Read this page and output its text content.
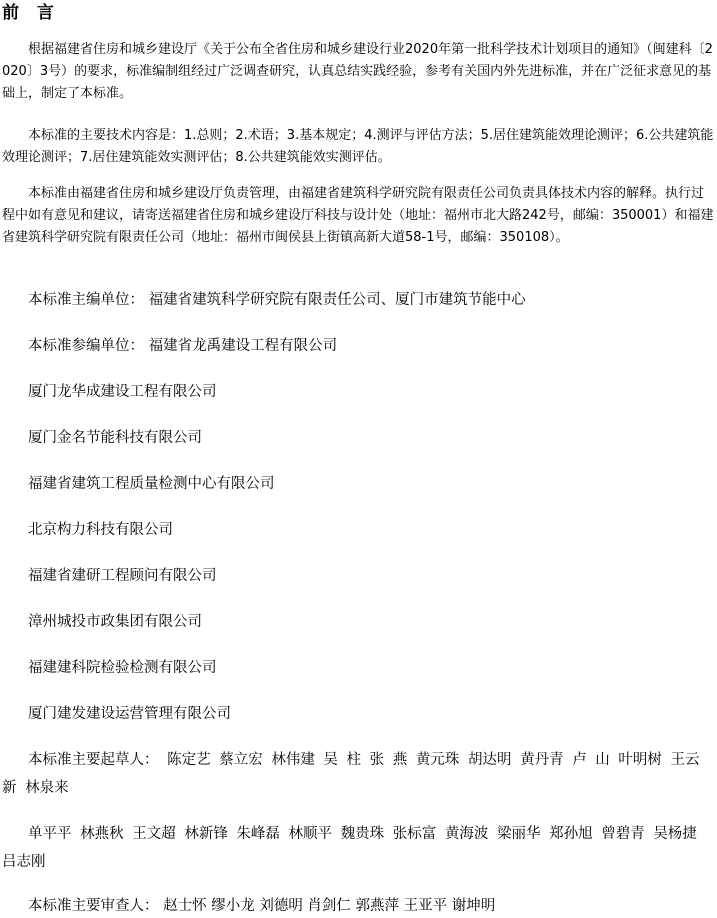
前 言

根据福建省住房和城乡建设厅《关于公布全省住房和城乡建设行业2020年第一批科学技术计划项目的通知》（闽建科〔2020〕3号）的要求，标准编制组经过广泛调查研究，认真总结实践经验，参考有关国内外先进标准，并在广泛征求意见的基础上，制定了本标准。

本标准的主要技术内容是：1.总则；2.术语；3.基本规定；4.测评与评估方法；5.居住建筑能效理论测评；6.公共建筑能效理论测评；7.居住建筑能效实测评估；8.公共建筑能效实测评估。

本标准由福建省住房和城乡建设厅负责管理，由福建省建筑科学研究院有限责任公司负责具体技术内容的解释。执行过程中如有意见和建议，请寄送福建省住房和城乡建设厅科技与设计处（地址：福州市北大路242号，邮编：350001）和福建省建筑科学研究院有限责任公司（地址：福州市闽侯县上街镇高新大道58-1号，邮编：350108）。

本标准主编单位： 福建省建筑科学研究院有限责任公司、厦门市建筑节能中心

本标准参编单位： 福建省龙禹建设工程有限公司

厦门龙华成建设工程有限公司

厦门金名节能科技有限公司

福建省建筑工程质量检测中心有限公司

北京构力科技有限公司

福建省建研工程顾问有限公司

漳州城投市政集团有限公司

福建建科院检验检测有限公司

厦门建发建设运营管理有限公司

本标准主要起草人： 陈定艺 蔡立宏 林伟建 吴 柱 张 燕 黄元珠 胡达明 黄丹青 卢 山 叶明树 王云新 林泉来

单平平 林燕秋 王文超 林新锋 朱峰磊 林顺平 魏贵珠 张标富 黄海波 梁丽华 郑孙旭 曾碧青 吴杨捷 吕志刚

本标准主要审查人： 赵士怀 缪小龙 刘德明 肖剑仁 郭燕萍 王亚平 谢坤明
